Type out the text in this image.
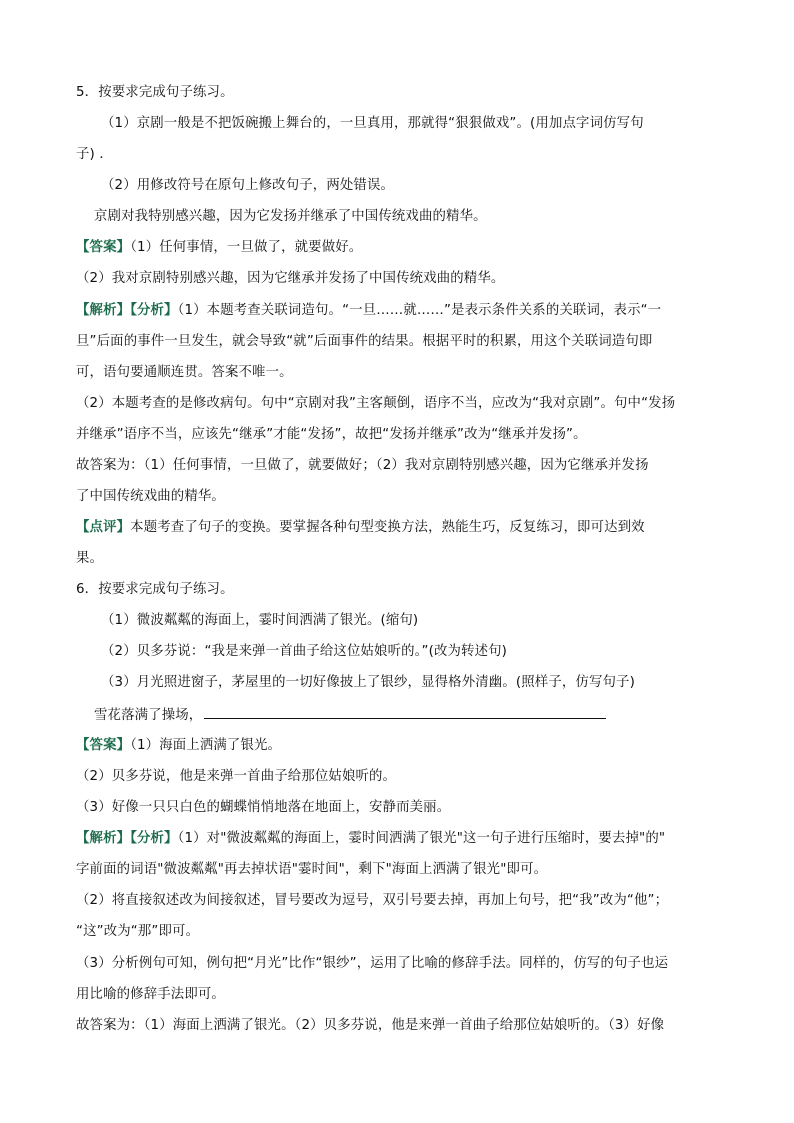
5．按要求完成句子练习。
（1）京剧一般是不把饭碗搬上舞台的，一旦真用，那就得“狠狠做戏”。(用加点字词仿写句
子) ．
（2）用修改符号在原句上修改句子，两处错误。
京剧对我特别感兴趣，因为它发扬并继承了中国传统戏曲的精华。
【答案】（1）任何事情，一旦做了，就要做好。
（2）我对京剧特别感兴趣，因为它继承并发扬了中国传统戏曲的精华。
【解析】【分析】（1）本题考查关联词造句。“一旦……就……”是表示条件关系的关联词，表示“一
旦”后面的事件一旦发生，就会导致“就”后面事件的结果。根据平时的积累，用这个关联词造句即
可，语句要通顺连贯。答案不唯一。
（2）本题考查的是修改病句。句中“京剧对我”主客颠倒，语序不当，应改为“我对京剧”。句中“发扬
并继承”语序不当，应该先“继承”才能“发扬”，故把“发扬并继承”改为“继承并发扬”。
故答案为：（1）任何事情，一旦做了，就要做好；（2）我对京剧特别感兴趣，因为它继承并发扬
了中国传统戏曲的精华。
【点评】本题考查了句子的变换。要掌握各种句型变换方法，熟能生巧，反复练习，即可达到效
果。
6．按要求完成句子练习。
（1）微波粼粼的海面上，霎时间洒满了银光。(缩句)
（2）贝多芬说：“我是来弹一首曲子给这位姑娘听的。”(改为转述句)
（3）月光照进窗子，茅屋里的一切好像披上了银纱，显得格外清幽。(照样子，仿写句子)
雪花落满了操场，
【答案】（1）海面上洒满了银光。
（2）贝多芬说，他是来弹一首曲子给那位姑娘听的。
（3）好像一只只白色的蝴蝶悄悄地落在地面上，安静而美丽。
【解析】【分析】（1）对"微波粼粼的海面上，霎时间洒满了银光"这一句子进行压缩时，要去掉"的"
字前面的词语"微波粼粼"再去掉状语"霎时间"，剩下"海面上洒满了银光"即可。
（2）将直接叙述改为间接叙述，冒号要改为逗号，双引号要去掉，再加上句号，把“我”改为“他”；
“这”改为“那”即可。
（3）分析例句可知，例句把“月光”比作“银纱”，运用了比喻的修辞手法。同样的，仿写的句子也运
用比喻的修辞手法即可。
故答案为：（1）海面上洒满了银光。（2）贝多芬说，他是来弹一首曲子给那位姑娘听的。（3）好像
